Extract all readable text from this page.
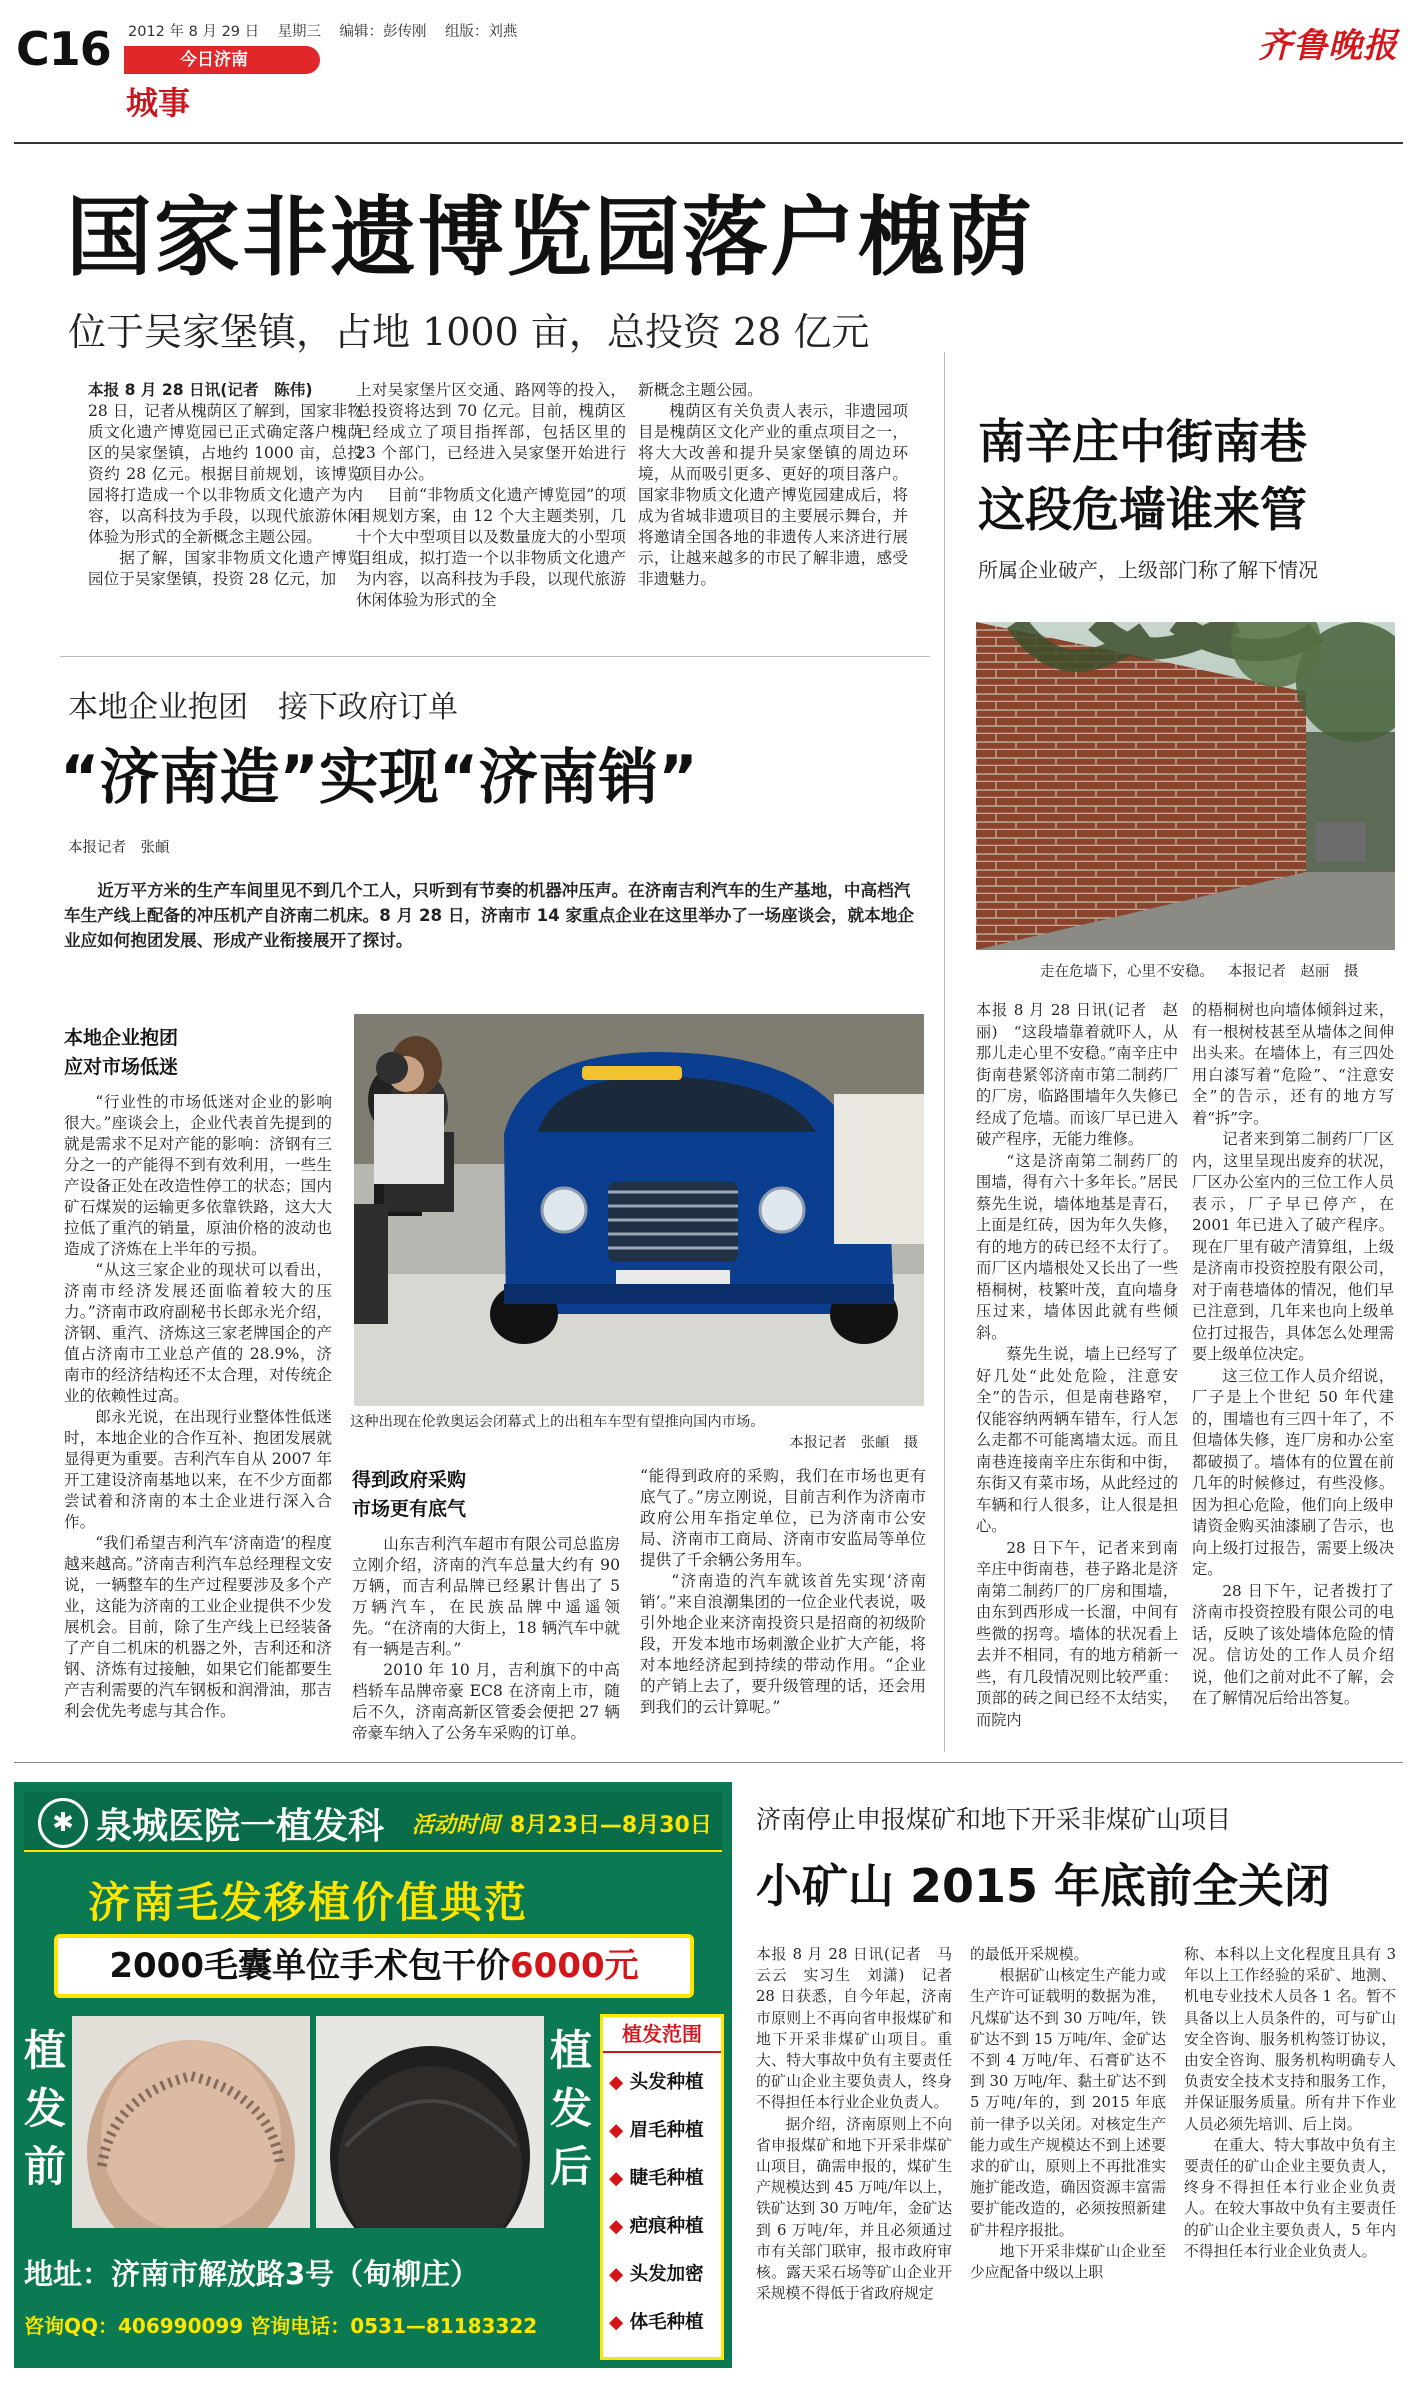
C16 2012 年 8 月 29 日 星期三 编辑：彭传刚 组版：刘燕
今日济南
城事
齐鲁晚报
国家非遗博览园落户槐荫
位于吴家堡镇，占地 1000 亩，总投资 28 亿元

本报 8 月 28 日讯(记者　陈伟)

28 日，记者从槐荫区了解到，国家非物质文化遗产博览园已正式确定落户槐荫区的吴家堡镇，占地约 1000 亩，总投资约 28 亿元。根据目前规划，该博览园将打造成一个以非物质文化遗产为内容，以高科技为手段，以现代旅游休闲体验为形式的全新概念主题公园。

据了解，国家非物质文化遗产博览园位于吴家堡镇，投资 28 亿元，加

上对吴家堡片区交通、路网等的投入，总投资将达到 70 亿元。目前，槐荫区已经成立了项目指挥部，包括区里的 23 个部门，已经进入吴家堡开始进行项目办公。

目前“非物质文化遗产博览园”的项目规划方案，由 12 个大主题类别，几十个大中型项目以及数量庞大的小型项目组成，拟打造一个以非物质文化遗产为内容，以高科技为手段，以现代旅游休闲体验为形式的全

新概念主题公园。

槐荫区有关负责人表示，非遗园项目是槐荫区文化产业的重点项目之一，将大大改善和提升吴家堡镇的周边环境，从而吸引更多、更好的项目落户。国家非物质文化遗产博览园建成后，将成为省城非遗项目的主要展示舞台，并将邀请全国各地的非遗传人来济进行展示，让越来越多的市民了解非遗，感受非遗魅力。

南辛庄中街南巷
这段危墙谁来管
所属企业破产，上级部门称了解下情况
走在危墙下，心里不安稳。 本报记者　赵丽　摄

本报 8 月 28 日讯(记者　赵丽)　“这段墙靠着就吓人，从那儿走心里不安稳。”南辛庄中街南巷紧邻济南市第二制药厂的厂房，临路围墙年久失修已经成了危墙。而该厂早已进入破产程序，无能力维修。

“这是济南第二制药厂的围墙，得有六十多年长。”居民蔡先生说，墙体地基是青石，上面是红砖，因为年久失修，有的地方的砖已经不太行了。而厂区内墙根处又长出了一些梧桐树，枝繁叶茂，直向墙身压过来，墙体因此就有些倾斜。

蔡先生说，墙上已经写了好几处“此处危险，注意安全”的告示，但是南巷路窄，仅能容纳两辆车错车，行人怎么走都不可能离墙太远。而且南巷连接南辛庄东街和中街，东街又有菜市场，从此经过的车辆和行人很多，让人很是担心。

28 日下午，记者来到南辛庄中街南巷，巷子路北是济南第二制药厂的厂房和围墙，由东到西形成一长溜，中间有些微的拐弯。墙体的状况看上去并不相同，有的地方稍新一些，有几段情况则比较严重：顶部的砖之间已经不太结实，而院内

的梧桐树也向墙体倾斜过来，有一根树枝甚至从墙体之间伸出头来。在墙体上，有三四处用白漆写着“危险”、“注意安全”的告示，还有的地方写着“拆”字。

记者来到第二制药厂厂区内，这里呈现出废弃的状况，厂区办公室内的三位工作人员表示，厂子早已停产，在 2001 年已进入了破产程序。现在厂里有破产清算组，上级是济南市投资控股有限公司，对于南巷墙体的情况，他们早已注意到，几年来也向上级单位打过报告，具体怎么处理需要上级单位决定。

这三位工作人员介绍说，厂子是上个世纪 50 年代建的，围墙也有三四十年了，不但墙体失修，连厂房和办公室都破损了。墙体有的位置在前几年的时候修过，有些没修。因为担心危险，他们向上级申请资金购买油漆刷了告示，也向上级打过报告，需要上级决定。

28 日下午，记者拨打了济南市投资控股有限公司的电话，反映了该处墙体危险的情况。信访处的工作人员介绍说，他们之前对此不了解，会在了解情况后给出答复。

本地企业抱团　接下政府订单
“济南造”实现“济南销”
本报记者　张頔

近万平方米的生产车间里见不到几个工人，只听到有节奏的机器冲压声。在济南吉利汽车的生产基地，中高档汽车生产线上配备的冲压机产自济南二机床。8 月 28 日，济南市 14 家重点企业在这里举办了一场座谈会，就本地企业应如何抱团发展、形成产业衔接展开了探讨。

本地企业抱团
应对市场低迷

“行业性的市场低迷对企业的影响很大。”座谈会上，企业代表首先提到的就是需求不足对产能的影响：济钢有三分之一的产能得不到有效利用，一些生产设备正处在改造性停工的状态；国内矿石煤炭的运输更多依靠铁路，这大大拉低了重汽的销量，原油价格的波动也造成了济炼在上半年的亏损。

“从这三家企业的现状可以看出，济南市经济发展还面临着较大的压力。”济南市政府副秘书长郎永光介绍，济钢、重汽、济炼这三家老牌国企的产值占济南市工业总产值的 28.9%，济南市的经济结构还不太合理，对传统企业的依赖性过高。

郎永光说，在出现行业整体性低迷时，本地企业的合作互补、抱团发展就显得更为重要。吉利汽车自从 2007 年开工建设济南基地以来，在不少方面都尝试着和济南的本土企业进行深入合作。

“我们希望吉利汽车‘济南造’的程度越来越高。”济南吉利汽车总经理程文安说，一辆整车的生产过程要涉及多个产业，这能为济南的工业企业提供不少发展机会。目前，除了生产线上已经装备了产自二机床的机器之外，吉利还和济钢、济炼有过接触，如果它们能都要生产吉利需要的汽车钢板和润滑油，那吉利会优先考虑与其合作。

这种出现在伦敦奥运会闭幕式上的出租车车型有望推向国内市场。
本报记者　张頔　摄
得到政府采购
市场更有底气

山东吉利汽车超市有限公司总监房立刚介绍，济南的汽车总量大约有 90 万辆，而吉利品牌已经累计售出了 5 万辆汽车，在民族品牌中遥遥领先。“在济南的大街上，18 辆汽车中就有一辆是吉利。”

2010 年 10 月，吉利旗下的中高档轿车品牌帝豪 EC8 在济南上市，随后不久，济南高新区管委会便把 27 辆帝豪车纳入了公务车采购的订单。

“能得到政府的采购，我们在市场也更有底气了。”房立刚说，目前吉利作为济南市政府公用车指定单位，已为济南市公安局、济南市工商局、济南市安监局等单位提供了千余辆公务用车。

“济南造的汽车就该首先实现‘济南销’。”来自浪潮集团的一位企业代表说，吸引外地企业来济南投资只是招商的初级阶段，开发本地市场刺激企业扩大产能，将对本地经济起到持续的带动作用。“企业的产销上去了，要升级管理的话，还会用到我们的云计算呢。”

✱ 泉城医院一植发科 活动时间 8月23日—8月30日
济南毛发移植价值典范
2000毛囊单位手术包干价6000元
植发前
植发后
植发范围
◆ 头发种植
◆ 眉毛种植
◆ 睫毛种植
◆ 疤痕种植
◆ 头发加密
◆ 体毛种植
地址：济南市解放路3号（甸柳庄）
咨询QQ：406990099 咨询电话：0531—81183322
济南停止申报煤矿和地下开采非煤矿山项目
小矿山 2015 年底前全关闭

本报 8 月 28 日讯(记者　马云云　实习生　刘潇)　记者 28 日获悉，自今年起，济南市原则上不再向省申报煤矿和地下开采非煤矿山项目。重大、特大事故中负有主要责任的矿山企业主要负责人，终身不得担任本行业企业负责人。

据介绍，济南原则上不向省申报煤矿和地下开采非煤矿山项目，确需申报的，煤矿生产规模达到 45 万吨/年以上，铁矿达到 30 万吨/年，金矿达到 6 万吨/年，并且必须通过市有关部门联审，报市政府审核。露天采石场等矿山企业开采规模不得低于省政府规定

的最低开采规模。

根据矿山核定生产能力或生产许可证载明的数据为准，凡煤矿达不到 30 万吨/年，铁矿达不到 15 万吨/年、金矿达不到 4 万吨/年、石膏矿达不到 30 万吨/年、黏土矿达不到 5 万吨/年的，到 2015 年底前一律予以关闭。对核定生产能力或生产规模达不到上述要求的矿山，原则上不再批准实施扩能改造，确因资源丰富需要扩能改造的，必须按照新建矿井程序报批。

地下开采非煤矿山企业至少应配备中级以上职

称、本科以上文化程度且具有 3 年以上工作经验的采矿、地测、机电专业技术人员各 1 名。暂不具备以上人员条件的，可与矿山安全咨询、服务机构签订协议，由安全咨询、服务机构明确专人负责安全技术支持和服务工作，并保证服务质量。所有井下作业人员必须先培训、后上岗。

在重大、特大事故中负有主要责任的矿山企业主要负责人，终身不得担任本行业企业负责人。在较大事故中负有主要责任的矿山企业主要负责人，5 年内不得担任本行业企业负责人。
